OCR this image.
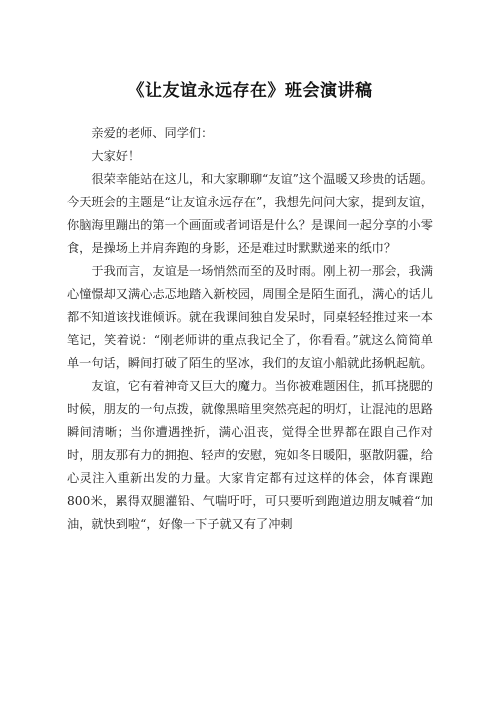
《让友谊永远存在》班会演讲稿

亲爱的老师、同学们：

大家好！

很荣幸能站在这儿，和大家聊聊“友谊”这个温暖又珍贵的话题。今天班会的主题是“让友谊永远存在”，我想先问问大家，提到友谊，你脑海里蹦出的第一个画面或者词语是什么？是课间一起分享的小零食，是操场上并肩奔跑的身影，还是难过时默默递来的纸巾？

于我而言，友谊是一场悄然而至的及时雨。刚上初一那会，我满心憧憬却又满心忐忑地踏入新校园，周围全是陌生面孔，满心的话儿都不知道该找谁倾诉。就在我课间独自发呆时，同桌轻轻推过来一本笔记，笑着说：“刚老师讲的重点我记全了，你看看。”就这么简简单单一句话，瞬间打破了陌生的坚冰，我们的友谊小船就此扬帆起航。

友谊，它有着神奇又巨大的魔力。当你被难题困住，抓耳挠腮的时候，朋友的一句点拨，就像黑暗里突然亮起的明灯，让混沌的思路瞬间清晰；当你遭遇挫折，满心沮丧，觉得全世界都在跟自己作对时，朋友那有力的拥抱、轻声的安慰，宛如冬日暖阳，驱散阴霾，给心灵注入重新出发的力量。大家肯定都有过这样的体会，体育课跑800米，累得双腿灌铅、气喘吁吁，可只要听到跑道边朋友喊着“加油，就快到啦“，好像一下子就又有了冲刺
